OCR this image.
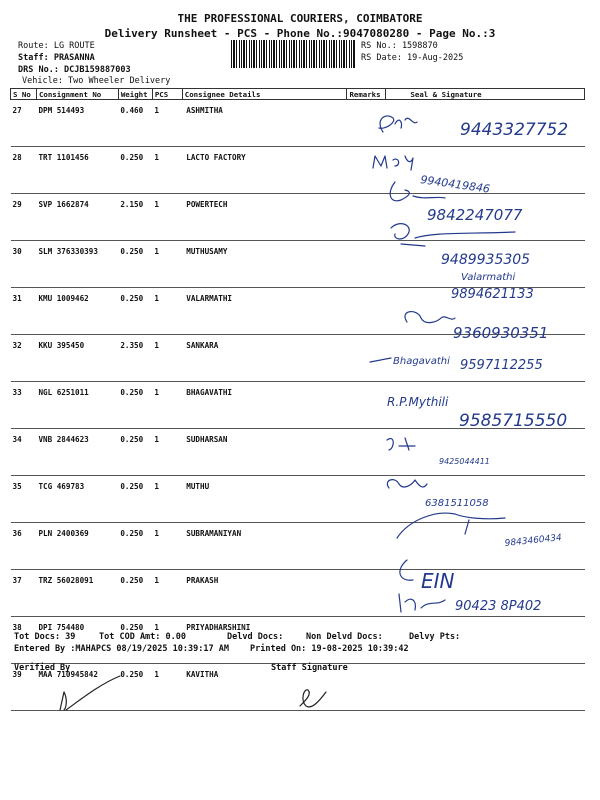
THE PROFESSIONAL COURIERS, COIMBATORE
Delivery Runsheet - PCS - Phone No.:9047080280 - Page No.:3
Route: LG ROUTE
Staff: PRASANNA
DRS No.: DCJB159887003
Vehicle: Two Wheeler Delivery
RS No.: 1598870
RS Date: 19-Aug-2025
S No	Consignment No	Weight	PCS	Consignee Details	Remarks	Seal & Signature
27	DPM 514493	0.460	1	ASHMITHA		
28	TRT 1101456	0.250	1	LACTO FACTORY		
29	SVP 1662874	2.150	1	POWERTECH		
30	SLM 376330393	0.250	1	MUTHUSAMY		
31	KMU 1009462	0.250	1	VALARMATHI		
32	KKU 395450	2.350	1	SANKARA		
33	NGL 6251011	0.250	1	BHAGAVATHI		
34	VNB 2844623	0.250	1	SUDHARSAN		
35	TCG 469783	0.250	1	MUTHU		
36	PLN 2400369	0.250	1	SUBRAMANIYAN		
37	TRZ 56028091	0.250	1	PRAKASH		
38	DPI 754480	0.250	1	PRIYADHARSHINI		
39	MAA 710945842	0.250	1	KAVITHA		
9443327752
9940419846
9842247077
9489935305
Valarmathi
9894621133
9360930351
Bhagavathi 9597112255
R.P.Mythili
9585715550
9425044411
6381511058
9843460434
EIN
90423 8P402
Tot Docs: 39	Tot COD Amt: 0.00	Delvd Docs:	Non Delvd Docs:	Delvy Pts:
Entered By :MAHAPCS 08/19/2025 10:39:17 AM Printed On: 19-08-2025 10:39:42
Verified By	Staff Signature
